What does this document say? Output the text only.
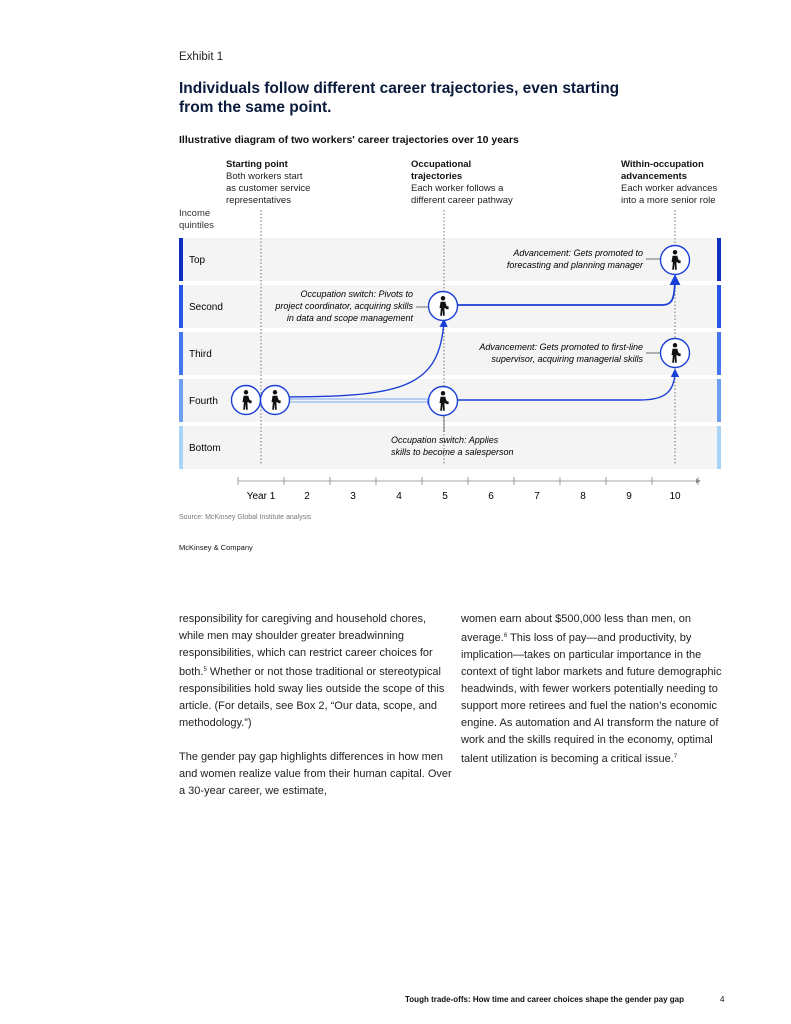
Exhibit 1
Individuals follow different career trajectories, even starting from the same point.
Illustrative diagram of two workers' career trajectories over 10 years
Starting point
Both workers start
as customer service
representatives
Occupational
trajectories
Each worker follows a
different career pathway
Within-occupation
advancements
Each worker advances
into a more senior role
Income
quintiles
Top
Second
Third
Fourth
Bottom
Advancement: Gets promoted to
forecasting and planning manager
Occupation switch: Pivots to
project coordinator, acquiring skills
in data and scope management
Advancement: Gets promoted to first-line
supervisor, acquiring managerial skills
Occupation switch: Applies
skills to become a salesperson
Year 1	2	3	4	5	6	7	8	9	10
Source: McKinsey Global Institute analysis
McKinsey & Company

responsibility for caregiving and household chores, while men may shoulder greater breadwinning responsibilities, which can restrict career choices for both.$^5$ Whether or not those traditional or stereotypical responsibilities hold sway lies outside the scope of this article. (For details, see Box 2, “Our data, scope, and methodology.”)

The gender pay gap highlights differences in how men and women realize value from their human capital. Over a 30-year career, we estimate,

women earn about $500,000 less than men, on average.$^6$ This loss of pay—and productivity, by implication—takes on particular importance in the context of tight labor markets and future demographic headwinds, with fewer workers potentially needing to support more retirees and fuel the nation’s economic engine. As automation and AI transform the nature of work and the skills required in the economy, optimal talent utilization is becoming a critical issue.$^7$

Tough trade-offs: How time and career choices shape the gender pay gap	4
